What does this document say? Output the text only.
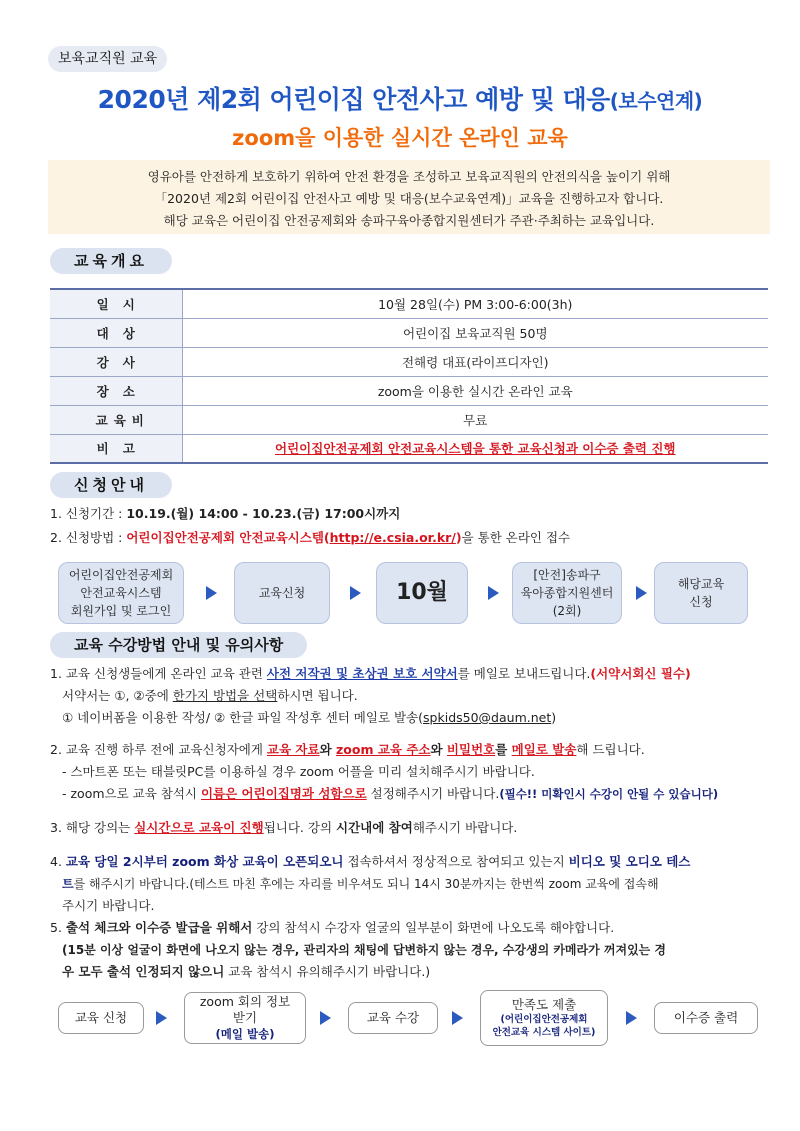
보육교직원 교육
2020년 제2회 어린이집 안전사고 예방 및 대응(보수연계)
zoom을 이용한 실시간 온라인 교육
영유아를 안전하게 보호하기 위하여 안전 환경을 조성하고 보육교직원의 안전의식을 높이기 위해
「2020년 제2회 어린이집 안전사고 예방 및 대응(보수교육연계)」교육을 진행하고자 합니다.
해당 교육은 어린이집 안전공제회와 송파구육아종합지원센터가 주관·주최하는 교육입니다.
교육개요
일시	10월 28일(수) PM 3:00-6:00(3h)
대상	어린이집 보육교직원 50명
강사	전해령 대표(라이프디자인)
장소	zoom을 이용한 실시간 온라인 교육
교육비	무료
비고	어린이집안전공제회 안전교육시스템을 통한 교육신청과 이수증 출력 진행
신청안내
1. 신청기간 : 10.19.(월) 14:00 - 10.23.(금) 17:00시까지
2. 신청방법 : 어린이집안전공제회 안전교육시스템(http://e.csia.or.kr/)을 통한 온라인 접수
어린이집안전공제회
안전교육시스템
회원가입 및 로그인
교육신청	10월
[안전]송파구
육아종합지원센터
(2회)
해당교육
신청
교육 수강방법 안내 및 유의사항
1. 교육 신청생들에게 온라인 교육 관련 사전 저작권 및 초상권 보호 서약서를 메일로 보내드립니다.(서약서회신 필수)
서약서는 ①, ②중에 한가지 방법을 선택하시면 됩니다.
① 네이버폼을 이용한 작성/ ② 한글 파일 작성후 센터 메일로 발송(spkids50@daum.net)
2. 교육 진행 하루 전에 교육신청자에게 교육 자료와 zoom 교육 주소와 비밀번호를 메일로 발송해 드립니다.
- 스마트폰 또는 태블릿PC를 이용하실 경우 zoom 어플을 미리 설치해주시기 바랍니다.
- zoom으로 교육 참석시 이름은 어린이집명과 성함으로 설정해주시기 바랍니다.(필수!! 미확인시 수강이 안될 수 있습니다)
3. 해당 강의는 실시간으로 교육이 진행됩니다. 강의 시간내에 참여해주시기 바랍니다.
4. 교육 당일 2시부터 zoom 화상 교육이 오픈되오니 접속하셔서 정상적으로 참여되고 있는지 비디오 및 오디오 테스
트를 해주시기 바랍니다.(테스트 마친 후에는 자리를 비우셔도 되니 14시 30분까지는 한번씩 zoom 교육에 접속해
주시기 바랍니다.
5. 출석 체크와 이수증 발급을 위해서 강의 참석시 수강자 얼굴의 일부분이 화면에 나오도록 해야합니다.
(15분 이상 얼굴이 화면에 나오지 않는 경우, 관리자의 채팅에 답변하지 않는 경우, 수강생의 카메라가 꺼져있는 경
우 모두 출석 인정되지 않으니 교육 참석시 유의해주시기 바랍니다.)
교육 신청
zoom 회의 정보
받기
(메일 발송)
교육 수강
만족도 제출
(어린이집안전공제회
안전교육 시스템 사이트)
이수증 출력
